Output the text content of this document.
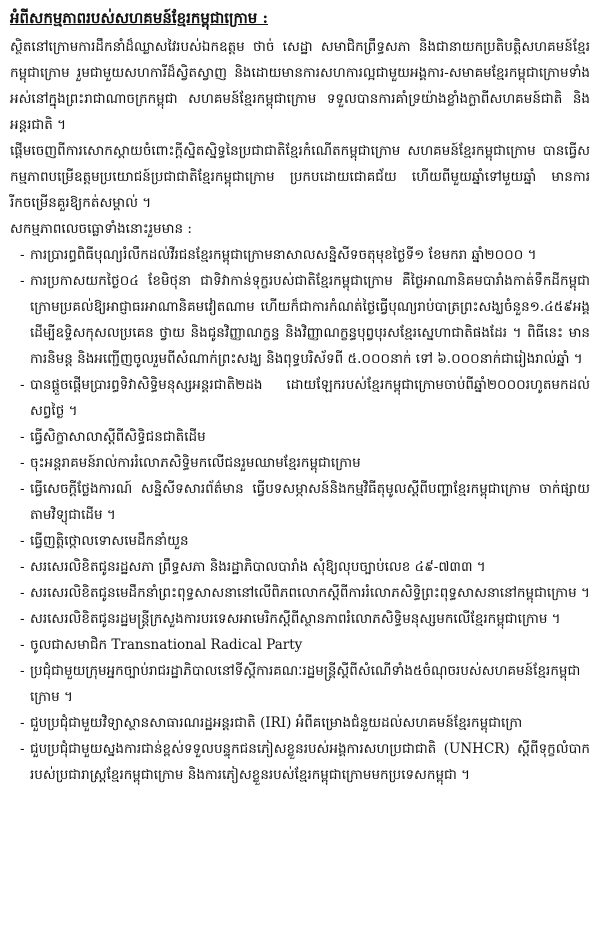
អំពីសកម្មភាពរបស់សហគមន៍ខ្មែរកម្ពុជាក្រោម :

ស្ថិតនៅក្រោមការដឹកនាំដ៏ឈ្លាសវៃរបស់ឯកឧត្តម ថាច់ សេដ្ឋា សមាជិកព្រឹទ្ធសភា និងជានាយកប្រតិបត្តិសហគមន៍ខ្មែរកម្ពុជាក្រោម រួមជាមួយសហការីដ៏ស្វិតស្វាញ និងដោយមានការសហការល្អជាមួយអង្គការ-សមាគមខ្មែរកម្ពុជាក្រោមទាំងអស់នៅក្នុងព្រះរាជាណាចក្រកម្ពុជា សហគមន៍ខ្មែរកម្ពុជាក្រោម ទទួលបានការគាំទ្រយ៉ាងខ្លាំងក្លាពីសហគមន៍ជាតិ និងអន្តរជាតិ ។

ផ្តើមចេញពីការសោកស្តាយចំពោះក្តីស្និតស្និទ្ធនៃប្រជាជាតិខ្មែរកំណើតកម្ពុជាក្រោម សហគមន៍ខ្មែរកម្ពុជាក្រោម បានធ្វើសកម្មភាពបម្រើឧត្តមប្រយោជន៍ប្រជាជាតិខ្មែរកម្ពុជាក្រោម ប្រកបដោយជោគជ័យ ហើយពីមួយឆ្នាំទៅមួយឆ្នាំ មានការរីកចម្រើនគួរឱ្យកត់សម្គាល់ ។

សកម្មភាពលេចធ្លោទាំងនោះរួមមាន :

- ការប្រារព្ធពិធីបុណ្យរំលឹកដល់វីរជនខ្មែរកម្ពុជាក្រោមនាសាលសន្និសីទចតុមុខថ្ងៃទី១ ខែមករា ឆ្នាំ២០០០ ។
- ការប្រកាសយកថ្ងៃ០៤ ខែមិថុនា ជាទិវាកាន់ទុក្ខរបស់ជាតិខ្មែរកម្ពុជាក្រោម គឺថ្ងៃអាណានិគមបារាំងកាត់ទឹកដីកម្ពុជាក្រោមប្រគល់ឱ្យអាជ្ញាធរអាណានិគមវៀតណាម ហើយក៏ជាការកំណត់ថ្ងៃធ្វើបុណ្យរាប់បាត្រព្រះសង្ឃចំនួន១.៤៥៩អង្គ ដើម្បីឧទ្ទិសកុសលប្រគេន ថ្វាយ និងជូនវិញ្ញាណក្ខន្ធ និងវិញ្ញាណក្ខន្ធបុព្វបុរសខ្មែរស្នេហាជាតិផងដែរ ។ ពិធីនេះ មានការនិមន្ត និងអញ្ជើញចូលរួមពីសំណាក់ព្រះសង្ឃ និងពុទ្ធបរិស័ទពី ៥.០០០នាក់ ទៅ ៦.០០០នាក់ជារៀងរាល់ឆ្នាំ ។
- បានផ្តួចផ្តើមប្រារព្ធទិវាសិទ្ធិមនុស្សអន្តរជាតិ២ដង ដោយឡែករបស់ខ្មែរកម្ពុជាក្រោមចាប់ពីឆ្នាំ២០០០រហូតមកដល់សព្វថ្ងៃ ។
- ធ្វើសិក្ខាសាលាស្តីពីសិទ្ធិជនជាតិដើម
- ចុះអន្តរាគមន៍រាល់ការរំលោភសិទ្ធិមកលើជនរួមឈាមខ្មែរកម្ពុជាក្រោម
- ធ្វើសេចក្តីថ្លែងការណ៍ សន្និសីទសារព័ត៌មាន ធ្វើបទសម្ភាសន៍និងកម្មវិធីតុមូលស្តីពីបញ្ហាខ្មែរកម្ពុជាក្រោម ចាក់ផ្សាយតាមវិទ្យុជាដើម ។
- ធ្វើញត្តិថ្កោលទោសមេដឹកនាំយួន
- សរសេរលិខិតជូនរដ្ឋសភា ព្រឹទ្ធសភា និងរដ្ឋាភិបាលបារាំង សុំឱ្យលុបច្បាប់លេខ ៤៩-៧៣៣ ។
- សរសេរលិខិតជូនមេដឹកនាំព្រះពុទ្ធសាសនានៅលើពិភពលោកស្តីពីការរំលោភសិទ្ធិព្រះពុទ្ធសាសនានៅកម្ពុជាក្រោម ។
- សរសេរលិខិតជូនរដ្ឋមន្ត្រីក្រសួងការបរទេសអាមេរិកស្តីពីស្ថានភាពរំលោភសិទ្ធិមនុស្សមកលើខ្មែរកម្ពុជាក្រោម ។
- ចូលជាសមាជិក Transnational Radical Party
- ប្រជុំជាមួយក្រុមអ្នកច្បាប់រាជរដ្ឋាភិបាលនៅទីស្តីការគណៈរដ្ឋមន្ត្រីស្តីពីសំណើទាំង៥ចំណុចរបស់សហគមន៍ខ្មែរកម្ពុជាក្រោម ។
- ជួបប្រជុំជាមួយវិទ្យាស្ថានសាធារណរដ្ឋអន្តរជាតិ (IRI) អំពីគម្រោងជំនួយដល់សហគមន៍ខ្មែរកម្ពុជាក្រោ
- ជួបប្រជុំជាមួយស្នងការជាន់ខ្ពស់ទទួលបន្ទុកជនភៀសខ្លួនរបស់អង្គការសហប្រជាជាតិ (UNHCR) ស្តីពីទុក្ខលំបាករបស់ប្រជារាស្ត្រខ្មែរកម្ពុជាក្រោម និងការភៀសខ្លួនរបស់ខ្មែរកម្ពុជាក្រោមមកប្រទេសកម្ពុជា ។
